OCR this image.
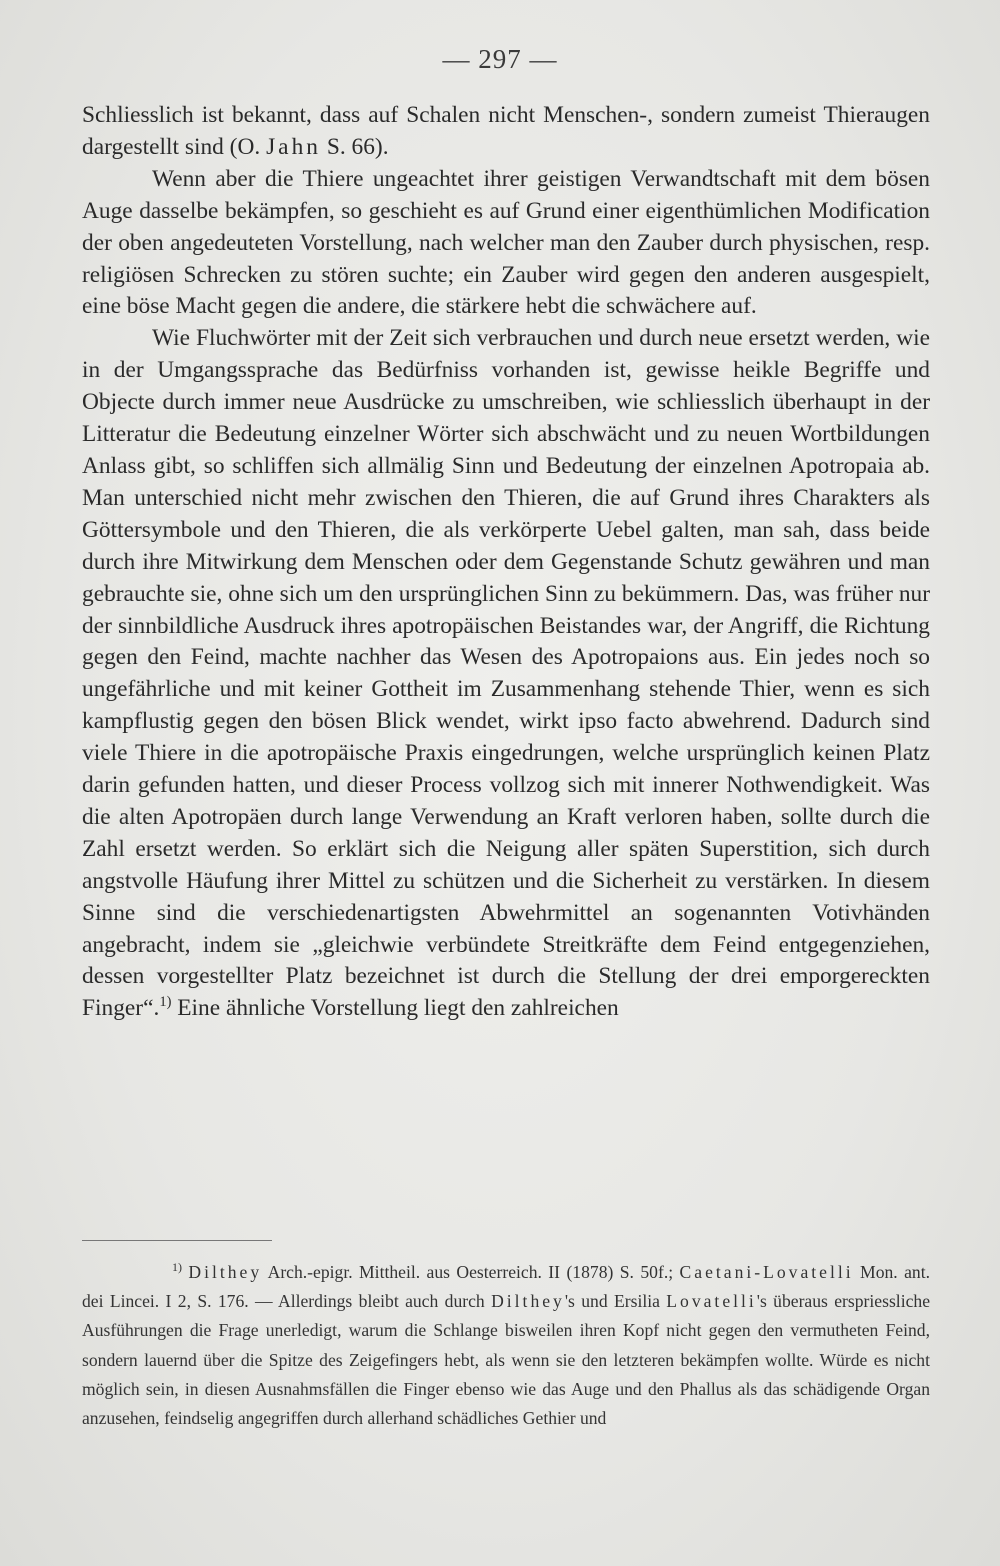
— 297 —

Schliesslich ist bekannt, dass auf Schalen nicht Menschen-, sondern zumeist Thieraugen dargestellt sind (O. Jahn S. 66).

Wenn aber die Thiere ungeachtet ihrer geistigen Verwandtschaft mit dem bösen Auge dasselbe bekämpfen, so geschieht es auf Grund einer eigenthümlichen Modification der oben angedeuteten Vorstellung, nach welcher man den Zauber durch physischen, resp. religiösen Schrecken zu stören suchte; ein Zauber wird gegen den anderen ausgespielt, eine böse Macht gegen die andere, die stärkere hebt die schwächere auf.

Wie Fluchwörter mit der Zeit sich verbrauchen und durch neue ersetzt werden, wie in der Umgangssprache das Bedürfniss vorhanden ist, gewisse heikle Begriffe und Objecte durch immer neue Ausdrücke zu umschreiben, wie schliesslich überhaupt in der Litteratur die Bedeutung einzelner Wörter sich abschwächt und zu neuen Wortbildungen Anlass gibt, so schliffen sich allmälig Sinn und Bedeutung der einzelnen Apotropaia ab. Man unterschied nicht mehr zwischen den Thieren, die auf Grund ihres Charakters als Göttersymbole und den Thieren, die als verkörperte Uebel galten, man sah, dass beide durch ihre Mitwirkung dem Menschen oder dem Gegenstande Schutz gewähren und man gebrauchte sie, ohne sich um den ursprünglichen Sinn zu bekümmern. Das, was früher nur der sinnbildliche Ausdruck ihres apotropäischen Beistandes war, der Angriff, die Richtung gegen den Feind, machte nachher das Wesen des Apotropaions aus. Ein jedes noch so ungefährliche und mit keiner Gottheit im Zusammenhang stehende Thier, wenn es sich kampflustig gegen den bösen Blick wendet, wirkt ipso facto abwehrend. Dadurch sind viele Thiere in die apotropäische Praxis eingedrungen, welche ursprünglich keinen Platz darin gefunden hatten, und dieser Process vollzog sich mit innerer Nothwendigkeit. Was die alten Apotropäen durch lange Verwendung an Kraft verloren haben, sollte durch die Zahl ersetzt werden. So erklärt sich die Neigung aller späten Superstition, sich durch angstvolle Häufung ihrer Mittel zu schützen und die Sicherheit zu verstärken. In diesem Sinne sind die verschiedenartigsten Abwehrmittel an sogenannten Votivhänden angebracht, indem sie „gleichwie verbündete Streitkräfte dem Feind entgegenziehen, dessen vorgestellter Platz bezeichnet ist durch die Stellung der drei emporgereckten Finger“.$^{1)}$ Eine ähnliche Vorstellung liegt den zahlreichen

$^{1)}$ Dilthey Arch.-epigr. Mittheil. aus Oesterreich. II (1878) S. 50f.; Caetani-Lovatelli Mon. ant. dei Lincei. I 2, S. 176. — Allerdings bleibt auch durch Dilthey's und Ersilia Lovatelli's überaus erspriessliche Ausführungen die Frage unerledigt, warum die Schlange bisweilen ihren Kopf nicht gegen den vermutheten Feind, sondern lauernd über die Spitze des Zeigefingers hebt, als wenn sie den letzteren bekämpfen wollte. Würde es nicht möglich sein, in diesen Ausnahmsfällen die Finger ebenso wie das Auge und den Phallus als das schädigende Organ anzusehen, feindselig angegriffen durch allerhand schädliches Gethier und
